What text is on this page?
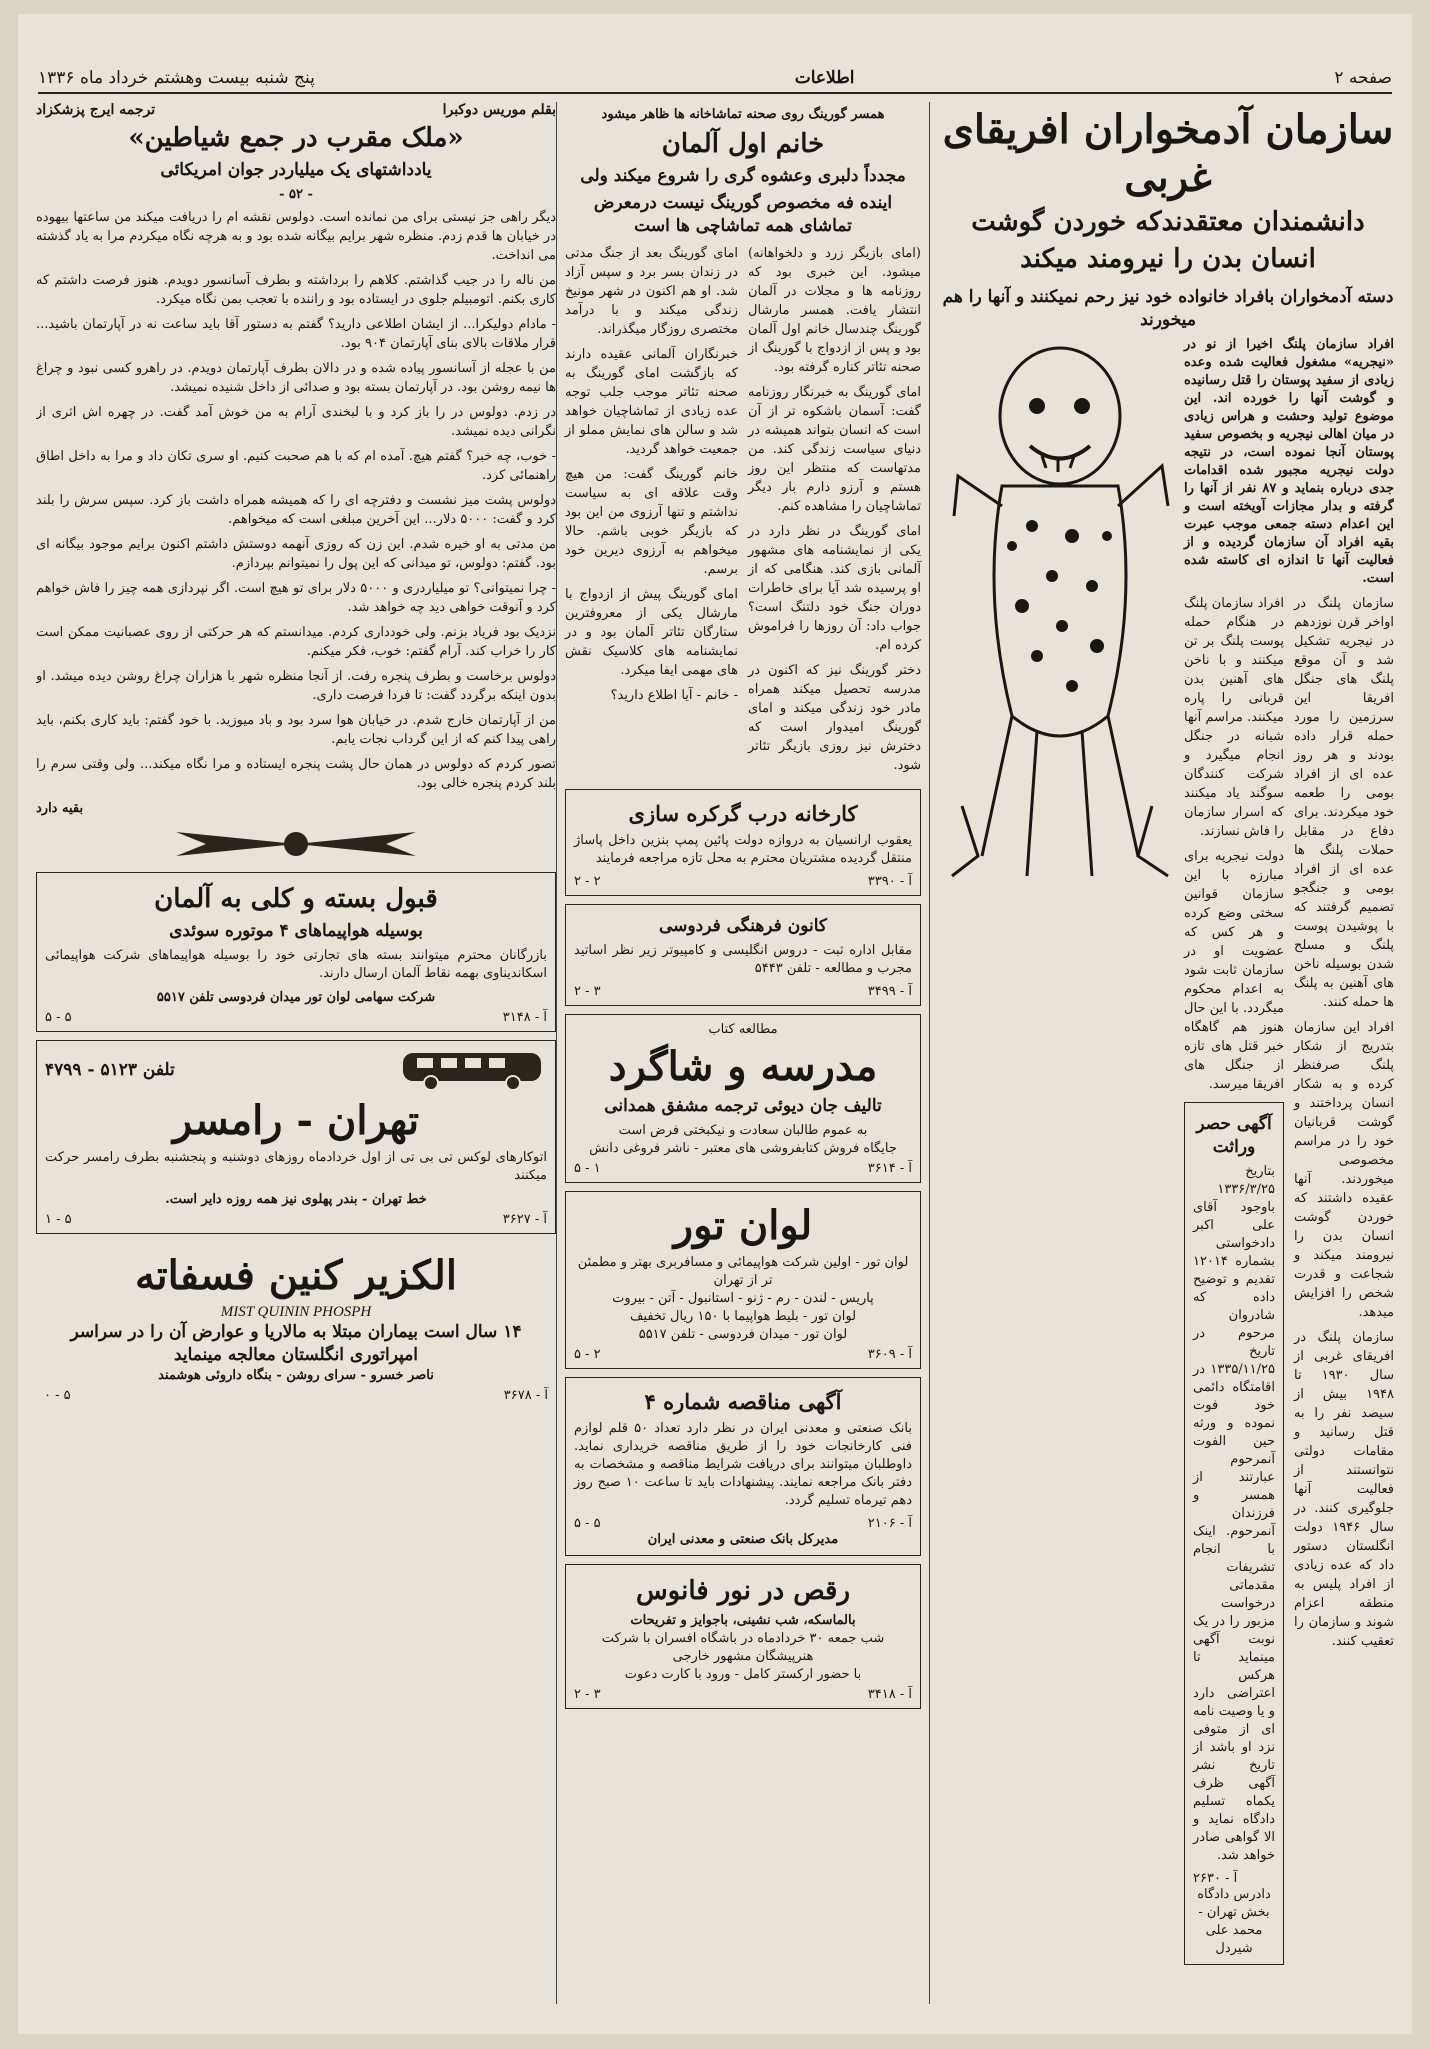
صفحه ۲
اطلاعات
پنج شنبه بیست وهشتم خرداد ماه ۱۳۳۶
سازمان آدمخواران افریقای غربی
دانشمندان معتقدندکه خوردن گوشت
انسان بدن را نیرومند میکند
دسته آدمخواران بافراد خانواده خود نیز رحم نمیکنند و آنها را هم میخورند

افراد سازمان پلنگ اخیرا از نو در «نیجریه» مشغول فعالیت شده وعده زیادی از سفید پوستان را قتل رسانیده و گوشت آنها را خورده اند. این موضوع تولید وحشت و هراس زیادی در میان اهالی نیجریه و بخصوص سفید پوستان آنجا نموده است، در نتیجه دولت نیجریه مجبور شده اقدامات جدی درباره بنماید و ۸۷ نفر از آنها را گرفته و بدار مجازات آویخته است و این اعدام دسته جمعی موجب عبرت بقیه افراد آن سازمان گردیده و از فعالیت آنها تا اندازه ای کاسته شده است.

سازمان پلنگ در اواخر قرن نوزدهم در نیجریه تشکیل شد و آن موقع پلنگ های جنگل افریقا این سرزمین را مورد حمله قرار داده بودند و هر روز عده ای از افراد بومی را طعمه خود میکردند. برای دفاع در مقابل حملات پلنگ ها عده ای از افراد بومی و جنگجو تصمیم گرفتند که با پوشیدن پوست پلنگ و مسلح شدن بوسیله ناخن های آهنین به پلنگ ها حمله کنند.

افراد این سازمان بتدریج از شکار پلنگ صرفنظر کرده و به شکار انسان پرداختند و گوشت قربانیان خود را در مراسم مخصوصی میخوردند. آنها عقیده داشتند که خوردن گوشت انسان بدن را نیرومند میکند و شجاعت و قدرت شخص را افزایش میدهد.

سازمان پلنگ در افریقای غربی از سال ۱۹۳۰ تا ۱۹۴۸ بیش از سیصد نفر را به قتل رسانید و مقامات دولتی نتوانستند از فعالیت آنها جلوگیری کنند. در سال ۱۹۴۶ دولت انگلستان دستور داد که عده زیادی از افراد پلیس به منطقه اعزام شوند و سازمان را تعقیب کنند.

افراد سازمان پلنگ در هنگام حمله پوست پلنگ بر تن میکنند و با ناخن های آهنین بدن قربانی را پاره میکنند. مراسم آنها شبانه در جنگل انجام میگیرد و شرکت کنندگان سوگند یاد میکنند که اسرار سازمان را فاش نسازند.

دولت نیجریه برای مبارزه با این سازمان قوانین سختی وضع کرده و هر کس که عضویت او در سازمان ثابت شود به اعدام محکوم میگردد. با این حال هنوز هم گاهگاه خبر قتل های تازه از جنگل های افریقا میرسد.

آگهی حصر وراثت

بتاریخ ۱۳۳۶/۳/۲۵ باوجود آقای علی اکبر دادخواستی بشماره ۱۲۰۱۴ تقدیم و توضیح داده که شادروان مرحوم در تاریخ ۱۳۳۵/۱۱/۲۵ در اقامتگاه دائمی خود فوت نموده و ورثه حین الفوت آنمرحوم عبارتند از همسر و فرزندان آنمرحوم. اینک با انجام تشریفات مقدماتی درخواست مزبور را در یک نوبت آگهی مینماید تا هرکس اعتراضی دارد و یا وصیت نامه ای از متوفی نزد او باشد از تاریخ نشر آگهی ظرف یکماه تسلیم دادگاه نماید و الا گواهی صادر خواهد شد.

آ - ۲۶۳۰
دادرس دادگاه بخش تهران - محمد علی شیردل
همسر گورینگ روی صحنه تماشاخانه ها ظاهر میشود
خانم اول آلمان
مجدداً دلبری وعشوه گری را شروع میکند ولی
اینده فه مخصوص گورینگ نیست درمعرض تماشای همه تماشاچی ها است

(امای بازیگر زرد و دلخواهانه) میشود. این خبری بود که روزنامه ها و مجلات در آلمان انتشار یافت. همسر مارشال گورینگ چندسال خانم اول آلمان بود و پس از ازدواج با گورینگ از صحنه تئاتر کناره گرفته بود.

امای گورینگ به خبرنگار روزنامه گفت: آسمان باشکوه تر از آن است که انسان بتواند همیشه در دنیای سیاست زندگی کند. من مدتهاست که منتظر این روز هستم و آرزو دارم بار دیگر تماشاچیان را مشاهده کنم.

امای گورینگ در نظر دارد در یکی از نمایشنامه های مشهور آلمانی بازی کند. هنگامی که از او پرسیده شد آیا برای خاطرات دوران جنگ خود دلتنگ است؟ جواب داد: آن روزها را فراموش کرده ام.

دختر گورینگ نیز که اکنون در مدرسه تحصیل میکند همراه مادر خود زندگی میکند و امای گورینگ امیدوار است که دخترش نیز روزی بازیگر تئاتر شود.

امای گورینگ بعد از جنگ مدتی در زندان بسر برد و سپس آزاد شد. او هم اکنون در شهر مونیخ زندگی میکند و با درآمد مختصری روزگار میگذراند.

خبرنگاران آلمانی عقیده دارند که بازگشت امای گورینگ به صحنه تئاتر موجب جلب توجه عده زیادی از تماشاچیان خواهد شد و سالن های نمایش مملو از جمعیت خواهد گردید.

خانم گورینگ گفت: من هیچ وقت علاقه ای به سیاست نداشتم و تنها آرزوی من این بود که بازیگر خوبی باشم. حالا میخواهم به آرزوی دیرین خود برسم.

امای گورینگ پیش از ازدواج با مارشال یکی از معروفترین ستارگان تئاتر آلمان بود و در نمایشنامه های کلاسیک نقش های مهمی ایفا میکرد.

- خانم - آیا اطلاع دارید؟

کارخانه درب گرکره سازی

یعقوب ارانسیان به دروازه دولت پائین پمپ بنزین داخل پاساژ منتقل گردیده مشتریان محترم به محل تازه مراجعه فرمایند

۲ - ۲	آ - ۳۳۹۰
کانون فرهنگی فردوسی

مقابل اداره ثبت - دروس انگلیسی و کامپیوتر زیر نظر اساتید مجرب و مطالعه - تلفن ۵۴۴۳

۲ - ۳	آ - ۳۴۹۹
مطالعه کتاب
مدرسه و شاگرد
تالیف جان دیوئی ترجمه مشفق همدانی
به عموم طالبان سعادت و نیکبختی فرض است
جایگاه فروش کتابفروشی های معتبر - ناشر فروغی دانش
۵ - ۱	آ - ۳۶۱۴
لوان تور
لوان تور - اولین شرکت هواپیمائی و مسافربری بهتر و مطمئن تر از تهران
پاریس - لندن - رم - ژنو - استانبول - آتن - بیروت
لوان تور - بلیط هواپیما با ۱۵۰ ریال تخفیف
لوان تور - میدان فردوسی - تلفن ۵۵۱۷
۵ - ۲	آ - ۳۶۰۹
آگهی مناقصه شماره ۴

بانک صنعتی و معدنی ایران در نظر دارد تعداد ۵۰ قلم لوازم فنی کارخانجات خود را از طریق مناقصه خریداری نماید. داوطلبان میتوانند برای دریافت شرایط مناقصه و مشخصات به دفتر بانک مراجعه نمایند. پیشنهادات باید تا ساعت ۱۰ صبح روز دهم تیرماه تسلیم گردد.

۵ - ۵	آ - ۲۱۰۶
مدیرکل بانک صنعتی و معدنی ایران
رقص در نور فانوس
بالماسکه، شب نشینی، باجوایز و تفریحات
شب جمعه ۳۰ خردادماه در باشگاه افسران با شرکت هنرپیشگان مشهور خارجی
با حضور ارکستر کامل - ورود با کارت دعوت
۲ - ۳	آ - ۳۴۱۸
بقلم موریس دوکبرا
ترجمه ایرج پزشکزاد
«ملک مقرب در جمع شیاطین»
یادداشتهای یک میلیاردر جوان امریکائی
- ۵۲ -

دیگر راهی جز نیستی برای من نمانده است. دولوس نقشه ام را دریافت میکند من ساعتها بیهوده در خیابان ها قدم زدم. منظره شهر برایم بیگانه شده بود و به هرچه نگاه میکردم مرا به یاد گذشته می انداخت.

من ناله را در جیب گذاشتم. کلاهم را برداشته و بطرف آسانسور دویدم. هنوز فرصت داشتم که کاری بکنم. اتومبیلم جلوی در ایستاده بود و راننده با تعجب بمن نگاه میکرد.

- مادام دولیکرا... از ایشان اطلاعی دارید؟ گفتم به دستور آقا باید ساعت نه در آپارتمان باشید... قرار ملاقات بالای بنای آپارتمان ۹۰۴ بود.

من با عجله از آسانسور پیاده شده و در دالان بطرف آپارتمان دویدم. در راهرو کسی نبود و چراغ ها نیمه روشن بود. در آپارتمان بسته بود و صدائی از داخل شنیده نمیشد.

در زدم. دولوس در را باز کرد و با لبخندی آرام به من خوش آمد گفت. در چهره اش اثری از نگرانی دیده نمیشد.

- خوب، چه خبر؟ گفتم هیچ. آمده ام که با هم صحبت کنیم. او سری تکان داد و مرا به داخل اطاق راهنمائی کرد.

دولوس پشت میز نشست و دفترچه ای را که همیشه همراه داشت باز کرد. سپس سرش را بلند کرد و گفت: ۵۰۰۰ دلار... این آخرین مبلغی است که میخواهم.

من مدتی به او خیره شدم. این زن که روزی آنهمه دوستش داشتم اکنون برایم موجود بیگانه ای بود. گفتم: دولوس، تو میدانی که این پول را نمیتوانم بپردازم.

- چرا نمیتوانی؟ تو میلیاردری و ۵۰۰۰ دلار برای تو هیچ است. اگر نپردازی همه چیز را فاش خواهم کرد و آنوقت خواهی دید چه خواهد شد.

نزدیک بود فریاد بزنم. ولی خودداری کردم. میدانستم که هر حرکتی از روی عصبانیت ممکن است کار را خراب کند. آرام گفتم: خوب، فکر میکنم.

دولوس برخاست و بطرف پنجره رفت. از آنجا منظره شهر با هزاران چراغ روشن دیده میشد. او بدون اینکه برگردد گفت: تا فردا فرصت داری.

من از آپارتمان خارج شدم. در خیابان هوا سرد بود و باد میوزید. با خود گفتم: باید کاری بکنم، باید راهی پیدا کنم که از این گرداب نجات یابم.

تصور کردم که دولوس در همان حال پشت پنجره ایستاده و مرا نگاه میکند... ولی وقتی سرم را بلند کردم پنجره خالی بود.

بقیه دارد

قبول بسته و کلی به آلمان
بوسیله هواپیماهای ۴ موتوره سوئدی

بازرگانان محترم میتوانند بسته های تجارتی خود را بوسیله هواپیماهای شرکت هواپیمائی اسکاندیناوی بهمه نقاط آلمان ارسال دارند.

شرکت سهامی لوان تور میدان فردوسی تلفن ۵۵۱۷
۵ - ۵	آ - ۳۱۴۸
تلفن ۵۱۲۳ - ۴۷۹۹
تهران - رامسر

اتوکارهای لوکس تی بی تی از اول خردادماه روزهای دوشنبه و پنجشنبه بطرف رامسر حرکت میکنند

خط تهران - بندر پهلوی نیز همه روزه دایر است.
۱ - ۵	آ - ۳۶۲۷
الکزیر کنین فسفاته
MIST QUININ PHOSPH
۱۴ سال است بیماران مبتلا به مالاریا و عوارض آن را در سراسر امپراتوری انگلستان معالجه مینماید
ناصر خسرو - سرای روشن - بنگاه داروئی هوشمند
۰ - ۵	آ - ۳۶۷۸
